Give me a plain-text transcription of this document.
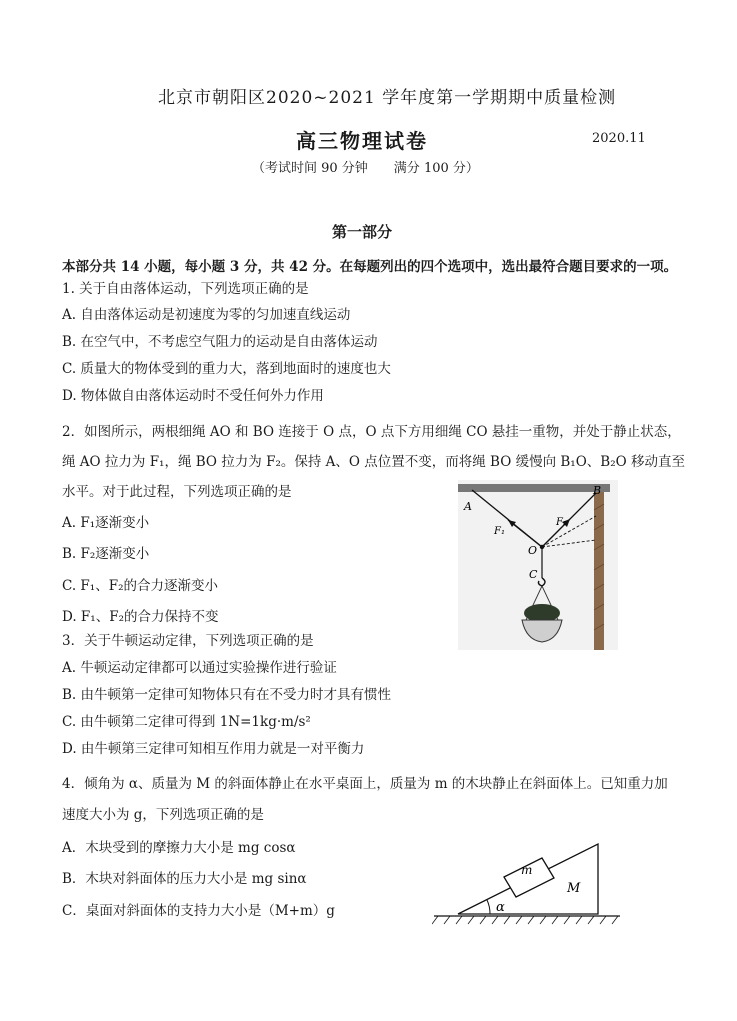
北京市朝阳区2020~2021 学年度第一学期期中质量检测
高三物理试卷	2020.11
（考试时间 90 分钟　　满分 100 分）
第一部分
本部分共 14 小题，每小题 3 分，共 42 分。在每题列出的四个选项中，选出最符合题目要求的一项。
1. 关于自由落体运动，下列选项正确的是
A. 自由落体运动是初速度为零的匀加速直线运动
B. 在空气中，不考虑空气阻力的运动是自由落体运动
C. 质量大的物体受到的重力大，落到地面时的速度也大
D. 物体做自由落体运动时不受任何外力作用
2．如图所示，两根细绳 AO 和 BO 连接于 O 点，O 点下方用细绳 CO 悬挂一重物，并处于静止状态，
绳 AO 拉力为 F₁，绳 BO 拉力为 F₂。保持 A、O 点位置不变，而将绳 BO 缓慢向 B₁O、B₂O 移动直至
水平。对于此过程，下列选项正确的是
A. F₁逐渐变小
B. F₂逐渐变小
C. F₁、F₂的合力逐渐变小
D. F₁、F₂的合力保持不变
A
B
F₁
F₂
O
C
3．关于牛顿运动定律，下列选项正确的是
A. 牛顿运动定律都可以通过实验操作进行验证
B. 由牛顿第一定律可知物体只有在不受力时才具有惯性
C. 由牛顿第二定律可得到 1N=1kg·m/s²
D. 由牛顿第三定律可知相互作用力就是一对平衡力
4．倾角为 α、质量为 M 的斜面体静止在水平桌面上，质量为 m 的木块静止在斜面体上。已知重力加
速度大小为 g，下列选项正确的是
A．木块受到的摩擦力大小是 mg cosα
B．木块对斜面体的压力大小是 mg sinα
C．桌面对斜面体的支持力大小是（M+m）g
m
M
α
